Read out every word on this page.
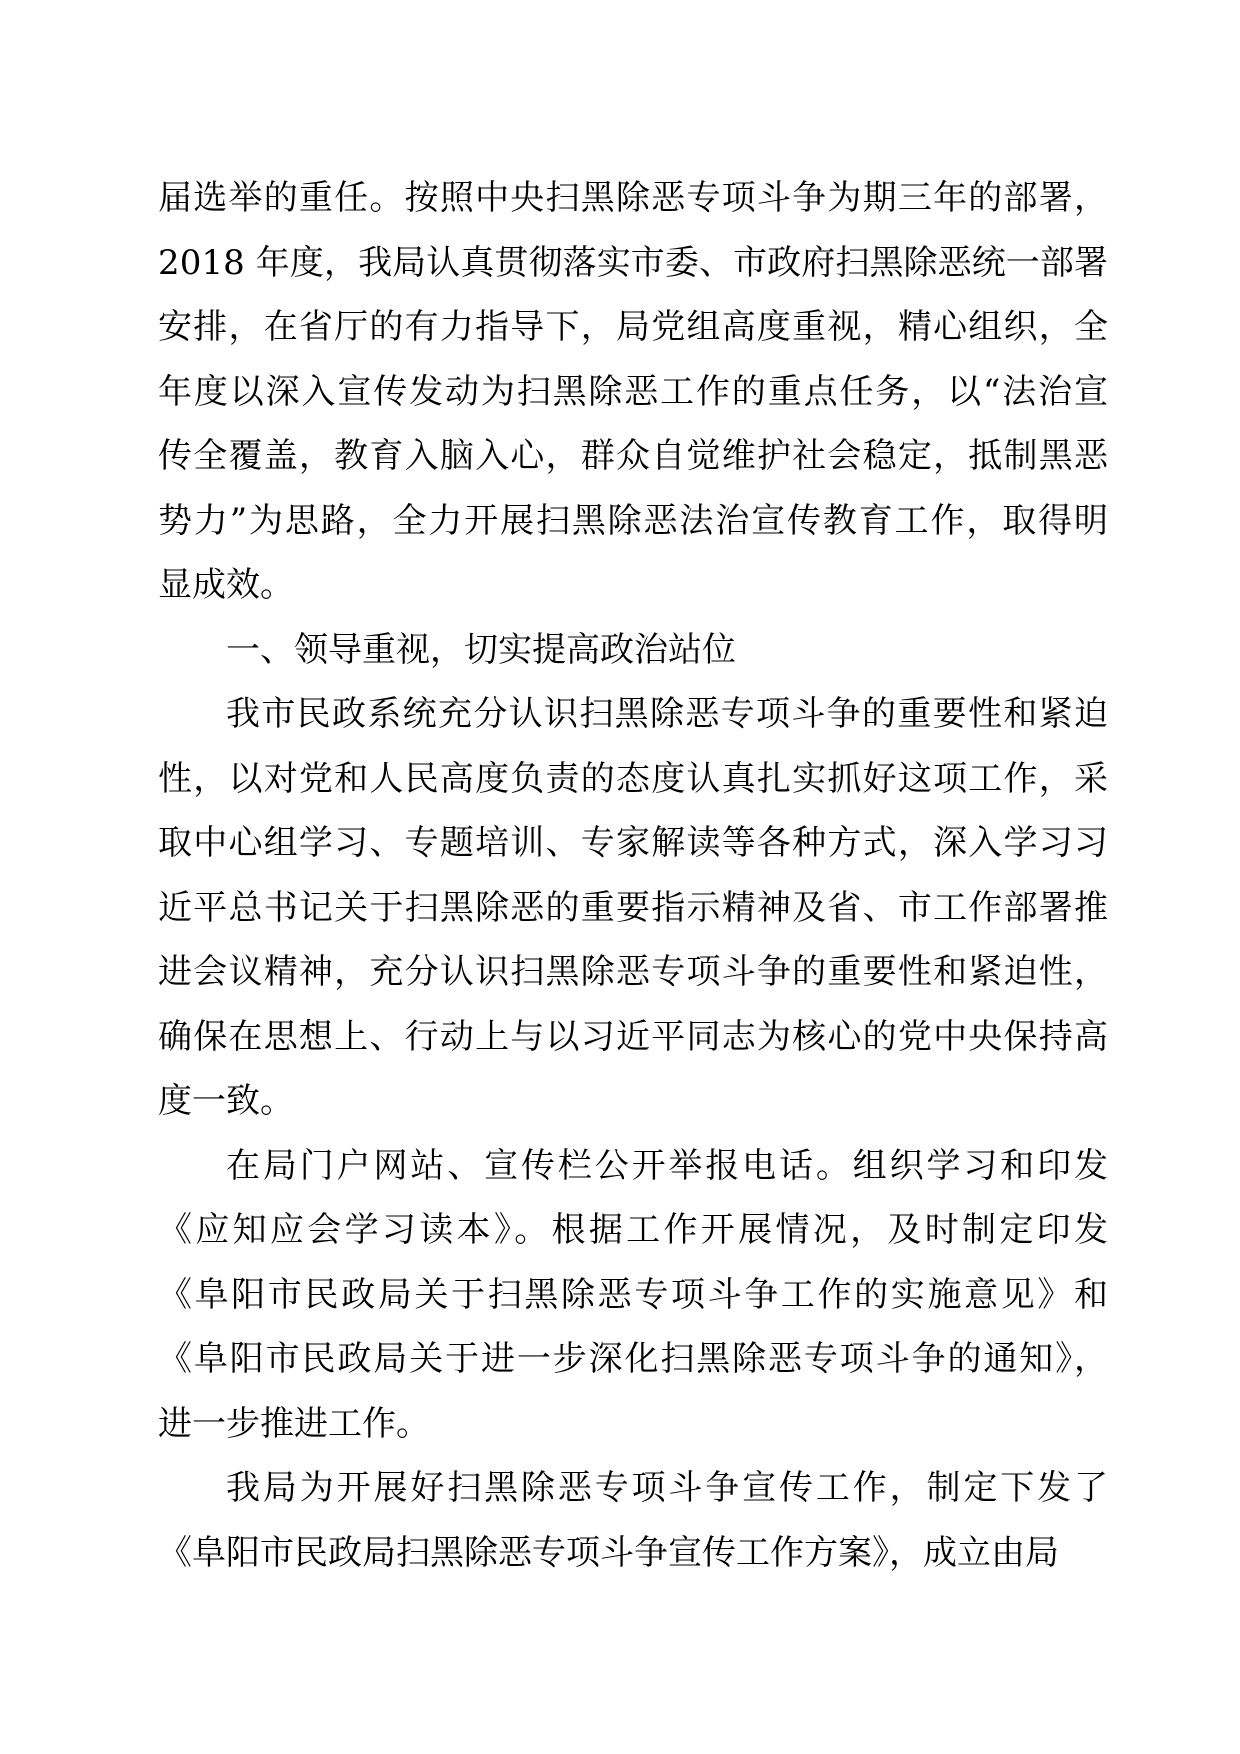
届选举的重任。按照中央扫黑除恶专项斗争为期三年的部署，
2018 年度，我局认真贯彻落实市委、市政府扫黑除恶统一部署
安排，在省厅的有力指导下，局党组高度重视，精心组织，全
年度以深入宣传发动为扫黑除恶工作的重点任务，以“法治宣
传全覆盖，教育入脑入心，群众自觉维护社会稳定，抵制黑恶
势力”为思路，全力开展扫黑除恶法治宣传教育工作，取得明
显成效。
一、领导重视，切实提高政治站位
我市民政系统充分认识扫黑除恶专项斗争的重要性和紧迫
性，以对党和人民高度负责的态度认真扎实抓好这项工作，采
取中心组学习、专题培训、专家解读等各种方式，深入学习习
近平总书记关于扫黑除恶的重要指示精神及省、市工作部署推
进会议精神，充分认识扫黑除恶专项斗争的重要性和紧迫性，
确保在思想上、行动上与以习近平同志为核心的党中央保持高
度一致。
在局门户网站、宣传栏公开举报电话。组织学习和印发
《应知应会学习读本》。根据工作开展情况，及时制定印发
《阜阳市民政局关于扫黑除恶专项斗争工作的实施意见》和
《阜阳市民政局关于进一步深化扫黑除恶专项斗争的通知》，
进一步推进工作。
我局为开展好扫黑除恶专项斗争宣传工作，制定下发了
《阜阳市民政局扫黑除恶专项斗争宣传工作方案》，成立由局
